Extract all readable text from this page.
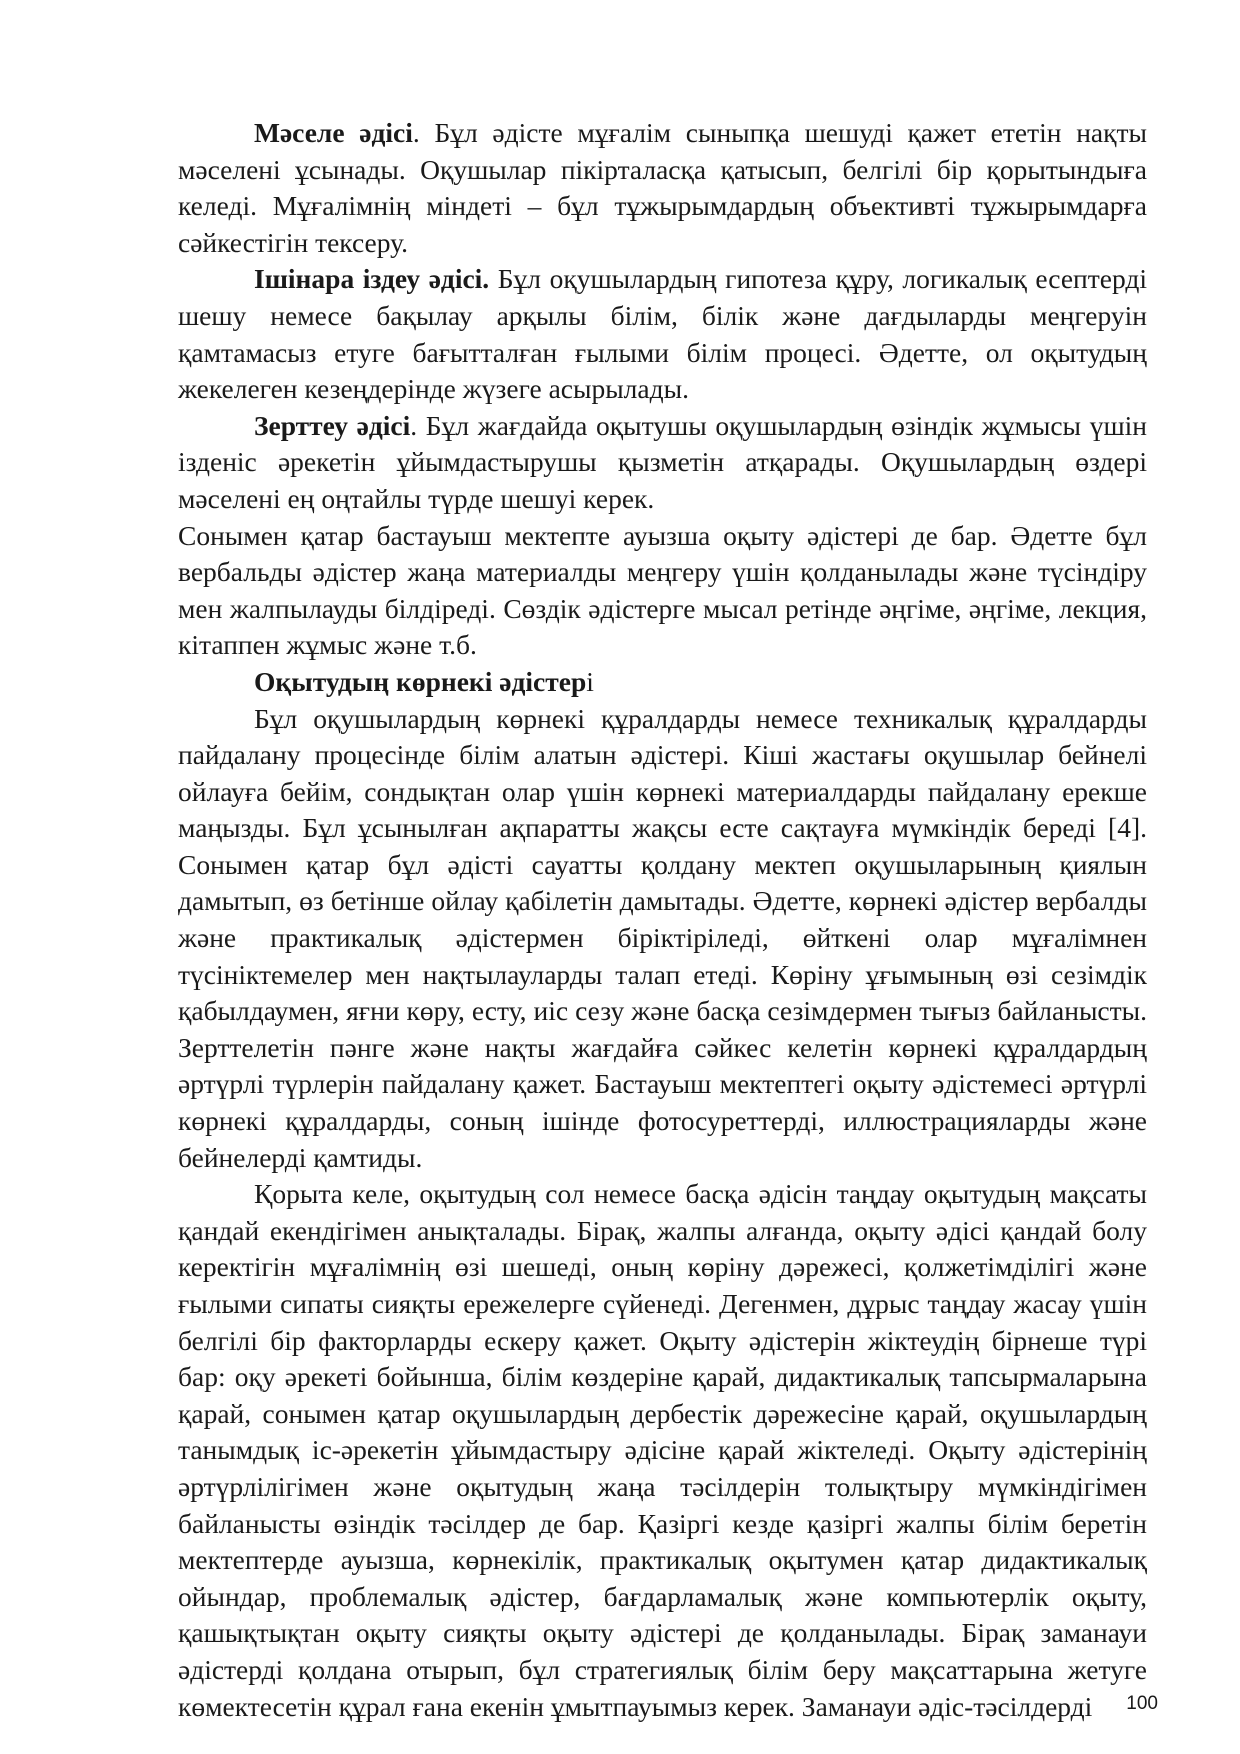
Мәселе әдісі. Бұл әдісте мұғалім сыныпқа шешуді қажет ететін нақты мәселені ұсынады. Оқушылар пікірталасқа қатысып, белгілі бір қорытындыға келеді. Мұғалімнің міндеті – бұл тұжырымдардың объективті тұжырымдарға сәйкестігін тексеру.

Ішінара іздеу әдісі. Бұл оқушылардың гипотеза құру, логикалық есептерді шешу немесе бақылау арқылы білім, білік және дағдыларды меңгеруін қамтамасыз етуге бағытталған ғылыми білім процесі. Әдетте, ол оқытудың жекелеген кезеңдерінде жүзеге асырылады.

Зерттеу әдісі. Бұл жағдайда оқытушы оқушылардың өзіндік жұмысы үшін ізденіс әрекетін ұйымдастырушы қызметін атқарады. Оқушылардың өздері мәселені ең оңтайлы түрде шешуі керек.

Сонымен қатар бастауыш мектепте ауызша оқыту әдістері де бар. Әдетте бұл вербальды әдістер жаңа материалды меңгеру үшін қолданылады және түсіндіру мен жалпылауды білдіреді. Сөздік әдістерге мысал ретінде әңгіме, әңгіме, лекция, кітаппен жұмыс және т.б.

Оқытудың көрнекі әдістері

Бұл оқушылардың көрнекі құралдарды немесе техникалық құралдарды пайдалану процесінде білім алатын әдістері. Кіші жастағы оқушылар бейнелі ойлауға бейім, сондықтан олар үшін көрнекі материалдарды пайдалану ерекше маңызды. Бұл ұсынылған ақпаратты жақсы есте сақтауға мүмкіндік береді [4]. Сонымен қатар бұл әдісті сауатты қолдану мектеп оқушыларының қиялын дамытып, өз бетінше ойлау қабілетін дамытады. Әдетте, көрнекі әдістер вербалды және практикалық әдістермен біріктіріледі, өйткені олар мұғалімнен түсініктемелер мен нақтылауларды талап етеді. Көріну ұғымының өзі сезімдік қабылдаумен, яғни көру, есту, иіс сезу және басқа сезімдермен тығыз байланысты. Зерттелетін пәнге және нақты жағдайға сәйкес келетін көрнекі құралдардың әртүрлі түрлерін пайдалану қажет. Бастауыш мектептегі оқыту әдістемесі әртүрлі көрнекі құралдарды, соның ішінде фотосуреттерді, иллюстрацияларды және бейнелерді қамтиды.

Қорыта келе, оқытудың сол немесе басқа әдісін таңдау оқытудың мақсаты қандай екендігімен анықталады. Бірақ, жалпы алғанда, оқыту әдісі қандай болу керектігін мұғалімнің өзі шешеді, оның көріну дәрежесі, қолжетімділігі және ғылыми сипаты сияқты ережелерге сүйенеді. Дегенмен, дұрыс таңдау жасау үшін белгілі бір факторларды ескеру қажет. Оқыту әдістерін жіктеудің бірнеше түрі бар: оқу әрекеті бойынша, білім көздеріне қарай, дидактикалық тапсырмаларына қарай, сонымен қатар оқушылардың дербестік дәрежесіне қарай, оқушылардың танымдық іс-әрекетін ұйымдастыру әдісіне қарай жіктеледі. Оқыту әдістерінің әртүрлілігімен және оқытудың жаңа тәсілдерін толықтыру мүмкіндігімен байланысты өзіндік тәсілдер де бар. Қазіргі кезде қазіргі жалпы білім беретін мектептерде ауызша, көрнекілік, практикалық оқытумен қатар дидактикалық ойындар, проблемалық әдістер, бағдарламалық және компьютерлік оқыту, қашықтықтан оқыту сияқты оқыту әдістері де қолданылады. Бірақ заманауи әдістерді қолдана отырып, бұл стратегиялық білім беру мақсаттарына жетуге көмектесетін құрал ғана екенін ұмытпауымыз керек. Заманауи әдіс-тәсілдерді	100
